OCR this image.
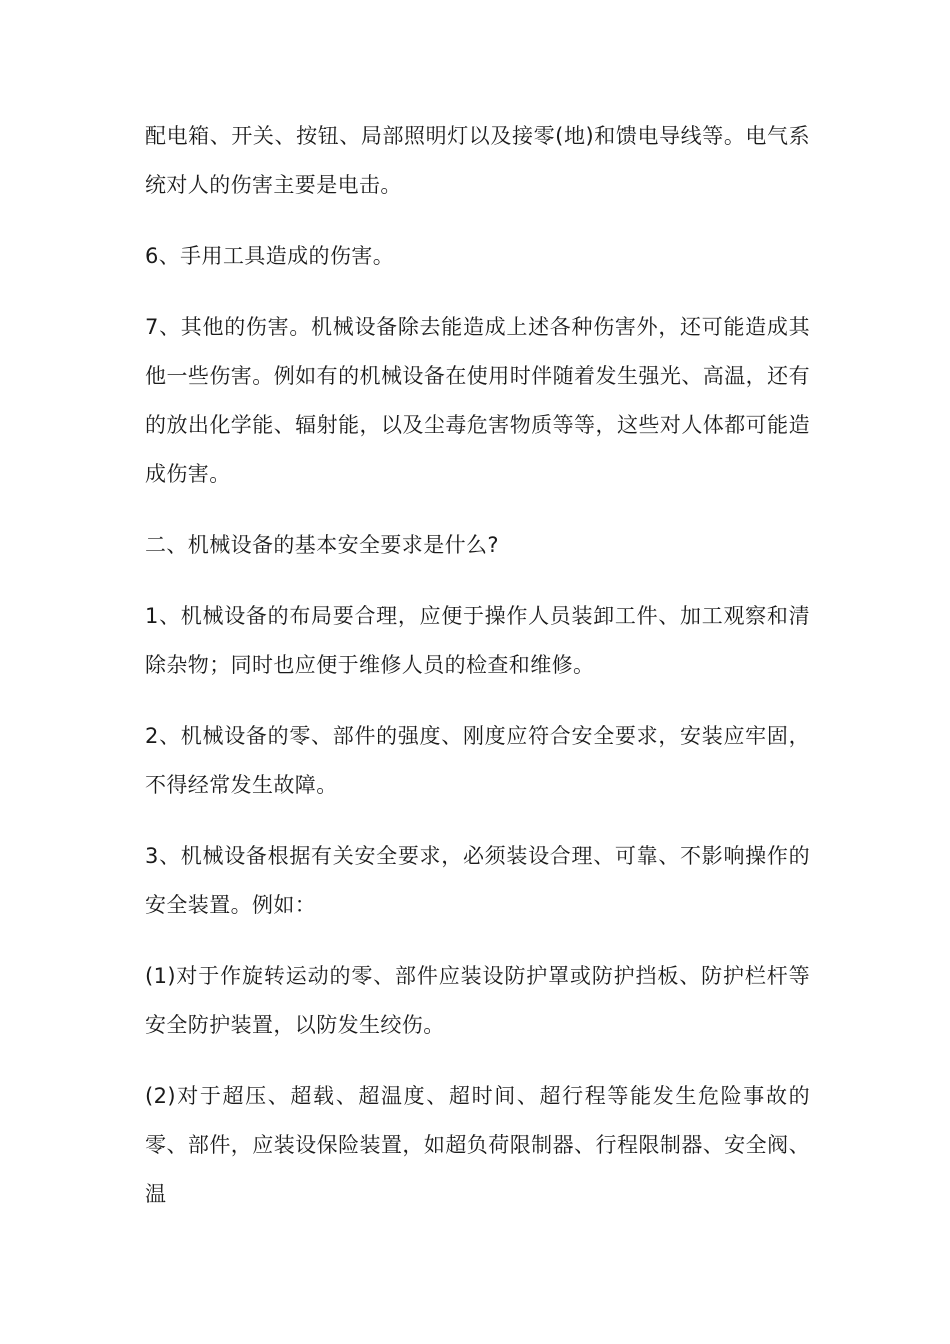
配电箱、开关、按钮、局部照明灯以及接零(地)和馈电导线等。电气系统对人的伤害主要是电击。

6、手用工具造成的伤害。

7、其他的伤害。机械设备除去能造成上述各种伤害外，还可能造成其他一些伤害。例如有的机械设备在使用时伴随着发生强光、高温，还有的放出化学能、辐射能，以及尘毒危害物质等等，这些对人体都可能造成伤害。

二、机械设备的基本安全要求是什么?

1、机械设备的布局要合理，应便于操作人员装卸工件、加工观察和清除杂物；同时也应便于维修人员的检查和维修。

2、机械设备的零、部件的强度、刚度应符合安全要求，安装应牢固，不得经常发生故障。

3、机械设备根据有关安全要求，必须装设合理、可靠、不影响操作的安全装置。例如：

(1)对于作旋转运动的零、部件应装设防护罩或防护挡板、防护栏杆等安全防护装置，以防发生绞伤。

(2)对于超压、超载、超温度、超时间、超行程等能发生危险事故的零、部件，应装设保险装置，如超负荷限制器、行程限制器、安全阀、温
